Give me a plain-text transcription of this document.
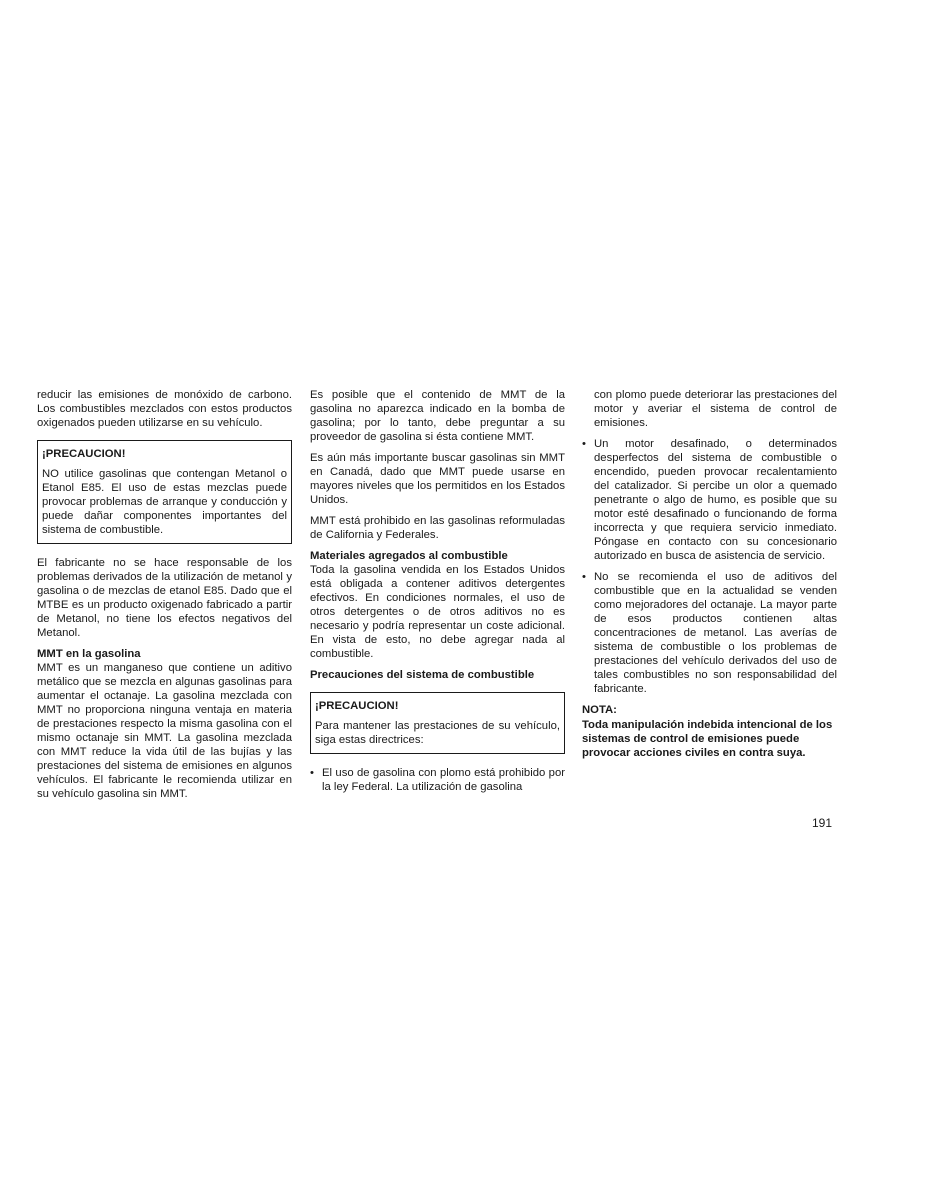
reducir las emisiones de monóxido de carbono. Los combustibles mezclados con estos productos oxigenados pueden utilizarse en su vehículo.

¡PRECAUCION!

NO utilice gasolinas que contengan Metanol o Etanol E85. El uso de estas mezclas puede provocar problemas de arranque y conducción y puede dañar componentes importantes del sistema de combustible.

El fabricante no se hace responsable de los problemas derivados de la utilización de metanol y gasolina o de mezclas de etanol E85. Dado que el MTBE es un producto oxigenado fabricado a partir de Metanol, no tiene los efectos negativos del Metanol.

MMT en la gasolina

MMT es un manganeso que contiene un aditivo metálico que se mezcla en algunas gasolinas para aumentar el octanaje. La gasolina mezclada con MMT no proporciona ninguna ventaja en materia de prestaciones respecto la misma gasolina con el mismo octanaje sin MMT. La gasolina mezclada con MMT reduce la vida útil de las bujías y las prestaciones del sistema de emisiones en algunos vehículos. El fabricante le recomienda utilizar en su vehículo gasolina sin MMT.

Es posible que el contenido de MMT de la gasolina no aparezca indicado en la bomba de gasolina; por lo tanto, debe preguntar a su proveedor de gasolina si ésta contiene MMT.

Es aún más importante buscar gasolinas sin MMT en Canadá, dado que MMT puede usarse en mayores niveles que los permitidos en los Estados Unidos.

MMT está prohibido en las gasolinas reformuladas de California y Federales.

Materiales agregados al combustible

Toda la gasolina vendida en los Estados Unidos está obligada a contener aditivos detergentes efectivos. En condiciones normales, el uso de otros detergentes o de otros aditivos no es necesario y podría representar un coste adicional. En vista de esto, no debe agregar nada al combustible.

Precauciones del sistema de combustible
¡PRECAUCION!

Para mantener las prestaciones de su vehículo, siga estas directrices:

• El uso de gasolina con plomo está prohibido por la ley Federal. La utilización de gasolina

con plomo puede deteriorar las prestaciones del motor y averiar el sistema de control de emisiones.

• Un motor desafinado, o determinados desperfectos del sistema de combustible o encendido, pueden provocar recalentamiento del catalizador. Si percibe un olor a quemado penetrante o algo de humo, es posible que su motor esté desafinado o funcionando de forma incorrecta y que requiera servicio inmediato. Póngase en contacto con su concesionario autorizado en busca de asistencia de servicio.
• No se recomienda el uso de aditivos del combustible que en la actualidad se venden como mejoradores del octanaje. La mayor parte de esos productos contienen altas concentraciones de metanol. Las averías de sistema de combustible o los problemas de prestaciones del vehículo derivados del uso de tales combustibles no son responsabilidad del fabricante.
NOTA:

Toda manipulación indebida intencional de los sistemas de control de emisiones puede provocar acciones civiles en contra suya.

191
